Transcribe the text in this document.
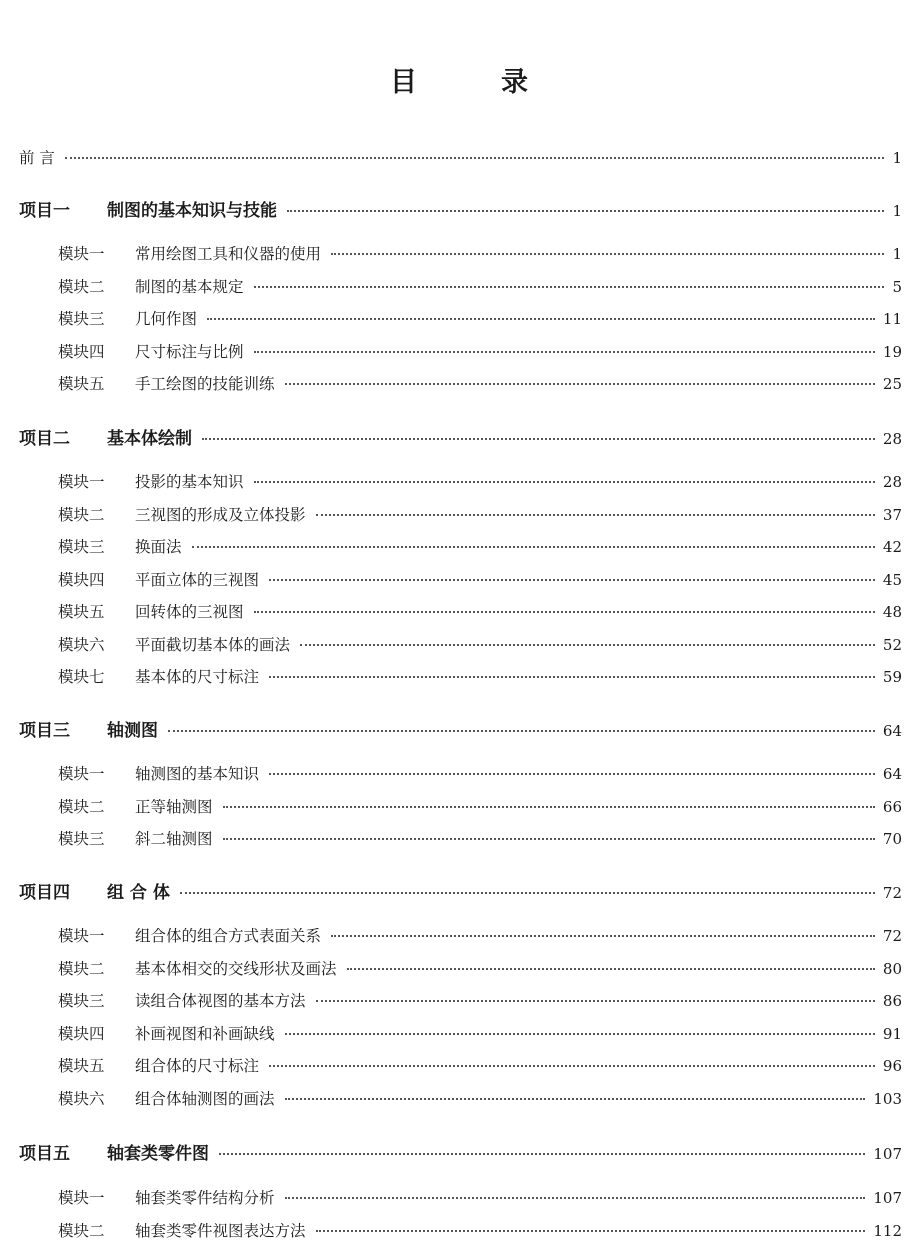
目	录
前 言	1
项目一	制图的基本知识与技能	1
模块一	常用绘图工具和仪器的使用	1
模块二	制图的基本规定	5
模块三	几何作图	11
模块四	尺寸标注与比例	19
模块五	手工绘图的技能训练	25
项目二	基本体绘制	28
模块一	投影的基本知识	28
模块二	三视图的形成及立体投影	37
模块三	换面法	42
模块四	平面立体的三视图	45
模块五	回转体的三视图	48
模块六	平面截切基本体的画法	52
模块七	基本体的尺寸标注	59
项目三	轴测图	64
模块一	轴测图的基本知识	64
模块二	正等轴测图	66
模块三	斜二轴测图	70
项目四	组 合 体	72
模块一	组合体的组合方式表面关系	72
模块二	基本体相交的交线形状及画法	80
模块三	读组合体视图的基本方法	86
模块四	补画视图和补画缺线	91
模块五	组合体的尺寸标注	96
模块六	组合体轴测图的画法	103
项目五	轴套类零件图	107
模块一	轴套类零件结构分析	107
模块二	轴套类零件视图表达方法	112
